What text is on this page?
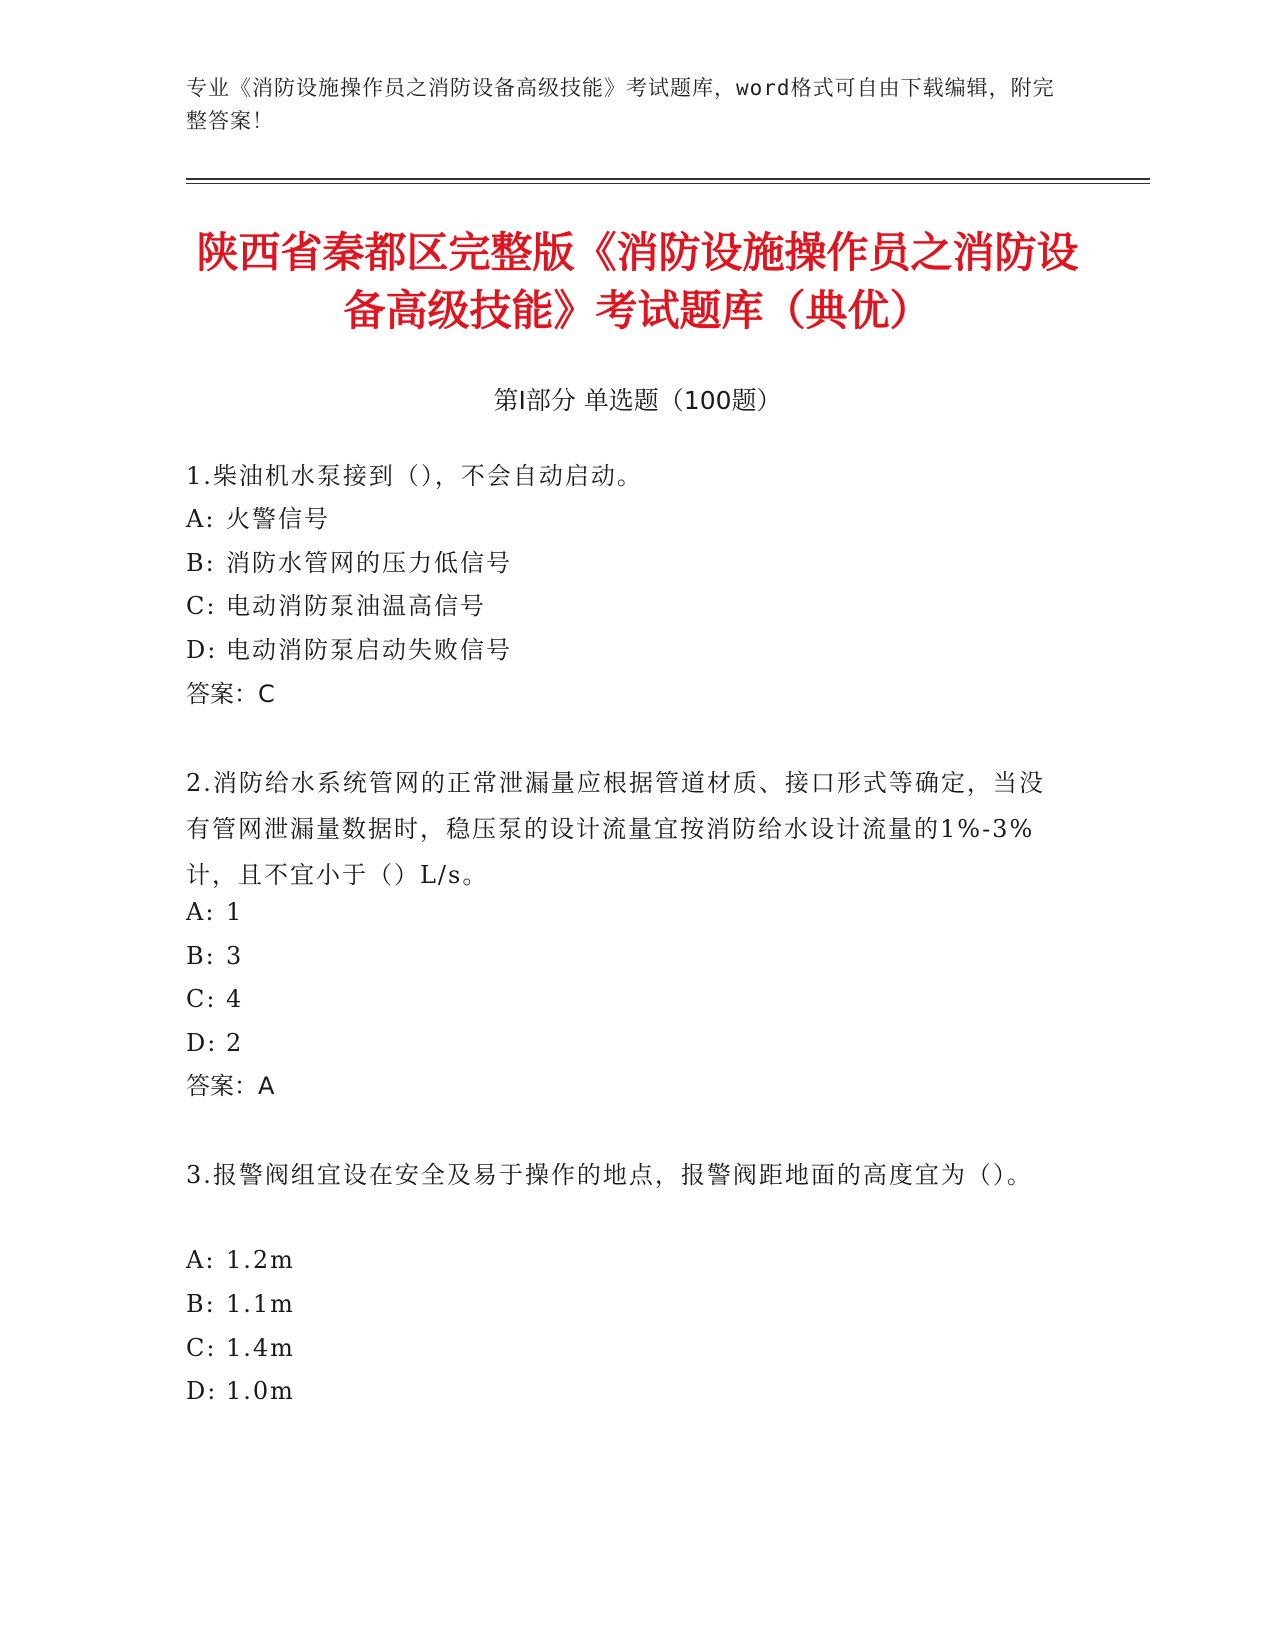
专业《消防设施操作员之消防设备高级技能》考试题库，word格式可自由下载编辑，附完整答案！
陕西省秦都区完整版《消防设施操作员之消防设备高级技能》考试题库（典优）
第Ⅰ部分 单选题（100题）
1.柴油机水泵接到（），不会自动启动。
A: 火警信号
B: 消防水管网的压力低信号
C: 电动消防泵油温高信号
D: 电动消防泵启动失败信号
答案：C
2.消防给水系统管网的正常泄漏量应根据管道材质、接口形式等确定，当没有管网泄漏量数据时，稳压泵的设计流量宜按消防给水设计流量的1%-3%计，且不宜小于（）L/s。
A: 1
B: 3
C: 4
D: 2
答案：A
3.报警阀组宜设在安全及易于操作的地点，报警阀距地面的高度宜为（）。
A: 1.2m
B: 1.1m
C: 1.4m
D: 1.0m
